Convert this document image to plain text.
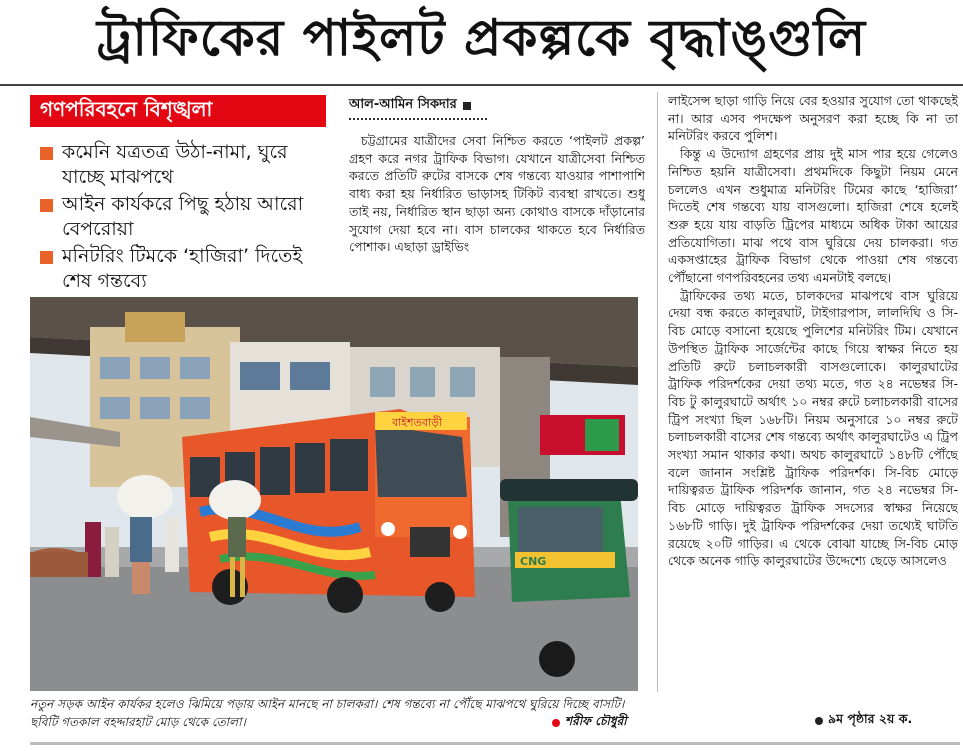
ট্রাফিকের পাইলট প্রকল্পকে বৃদ্ধাঙ্গুলি
গণপরিবহনে বিশৃঙ্খলা
কমেনি যত্রতত্র উঠা-নামা, ঘুরে যাচ্ছে মাঝপথে
আইন কার্যকরে পিছু হঠায় আরো বেপরোয়া
মনিটরিং টিমকে ‘হাজিরা’ দিতেই শেষ গন্তব্যে
আল-আমিন সিকদার

চট্টগ্রামের যাত্রীদের সেবা নিশ্চিত করতে ‘পাইলট প্রকল্প’ গ্রহণ করে নগর ট্রাফিক বিভাগ। যেখানে যাত্রীসেবা নিশ্চিত করতে প্রতিটি রুটের বাসকে শেষ গন্তব্যে যাওয়ার পাশাপাশি বাধ্য করা হয় নির্ধারিত ভাড়াসহ টিকিট ব্যবস্থা রাখতে। শুধু তাই নয়, নির্ধারিত স্থান ছাড়া অন্য কোথাও বাসকে দাঁড়ানোর সুযোগ দেয়া হবে না। বাস চালকের থাকতে হবে নির্ধারিত পোশাক। এছাড়া ড্রাইভিং

লাইসেন্স ছাড়া গাড়ি নিয়ে বের হওয়ার সুযোগ তো থাকছেই না। আর এসব পদক্ষেপ অনুসরণ করা হচ্ছে কি না তা মনিটরিং করবে পুলিশ।

কিন্তু এ উদ্যোগ গ্রহণের প্রায় দুই মাস পার হয়ে গেলেও নিশ্চিত হয়নি যাত্রীসেবা। প্রথমদিকে কিছুটা নিয়ম মেনে চললেও এখন শুধুমাত্র মনিটরিং টিমের কাছে ‘হাজিরা’ দিতেই শেষ গন্তব্যে যায় বাসগুলো। হাজিরা শেষে হলেই শুরু হয়ে যায় বাড়তি ট্রিপের মাধ্যমে অধিক টাকা আয়ের প্রতিযোগিতা। মাঝ পথে বাস ঘুরিয়ে দেয় চালকরা। গত একসপ্তাহের ট্রাফিক বিভাগ থেকে পাওয়া শেষ গন্তব্যে পৌঁছানো গণপরিবহনের তথ্য এমনটাই বলছে।

ট্রাফিকের তথ্য মতে, চালকদের মাঝপথে বাস ঘুরিয়ে দেয়া বন্ধ করতে কালুরঘাট, টাইগারপাস, লালদিঘি ও সি-বিচ মোড়ে বসানো হয়েছে পুলিশের মনিটরিং টিম। যেখানে উপস্থিত ট্রাফিক সার্জেন্টের কাছে গিয়ে স্বাক্ষর নিতে হয় প্রতিটি রুটে চলাচলকারী বাসগুলোকে। কালুরঘাটের ট্রাফিক পরিদর্শকের দেয়া তথ্য মতে, গত ২৪ নভেম্বর সি-বিচ টু কালুরঘাটে অর্থাৎ ১০ নম্বর রুটে চলাচলকারী বাসের ট্রিপ সংখ্যা ছিল ১৬৮টি। নিয়ম অনুসারে ১০ নম্বর রুটে চলাচলকারী বাসের শেষ গন্তব্যে অর্থাৎ কালুরঘাটেও এ ট্রিপ সংখ্যা সমান থাকার কথা। অথচ কালুরঘাটে ১৪৮টি পৌঁছে বলে জানান সংশ্লিষ্ট ট্রাফিক পরিদর্শক। সি-বিচ মোড়ে দায়িত্বরত ট্রাফিক পরিদর্শক জানান, গত ২৪ নভেম্বর সি-বিচ মোড়ে দায়িত্বরত ট্রাফিক সদস্যের স্বাক্ষর নিয়েছে ১৬৮টি গাড়ি। দুই ট্রাফিক পরিদর্শকের দেয়া তথ্যেই ঘাটতি রয়েছে ২০টি গাড়ির। এ থেকে বোঝা যাচ্ছে সি-বিচ মোড় থেকে অনেক গাড়ি কালুরঘাটের উদ্দেশ্যে ছেড়ে আসলেও

বাইশতবাড়ী
CNG
নতুন সড়ক আইন কার্যকর হলেও ঝিমিয়ে পড়ায় আইন মানছে না চালকরা। শেষ গন্তব্যে না পৌঁছে মাঝপথে ঘুরিয়ে দিচ্ছে বাসটি। ছবিটি গতকাল বহদ্দারহাট মোড় থেকে তোলা।	শরীফ চৌধুরী	৯ম পৃষ্ঠার ২য় ক.
